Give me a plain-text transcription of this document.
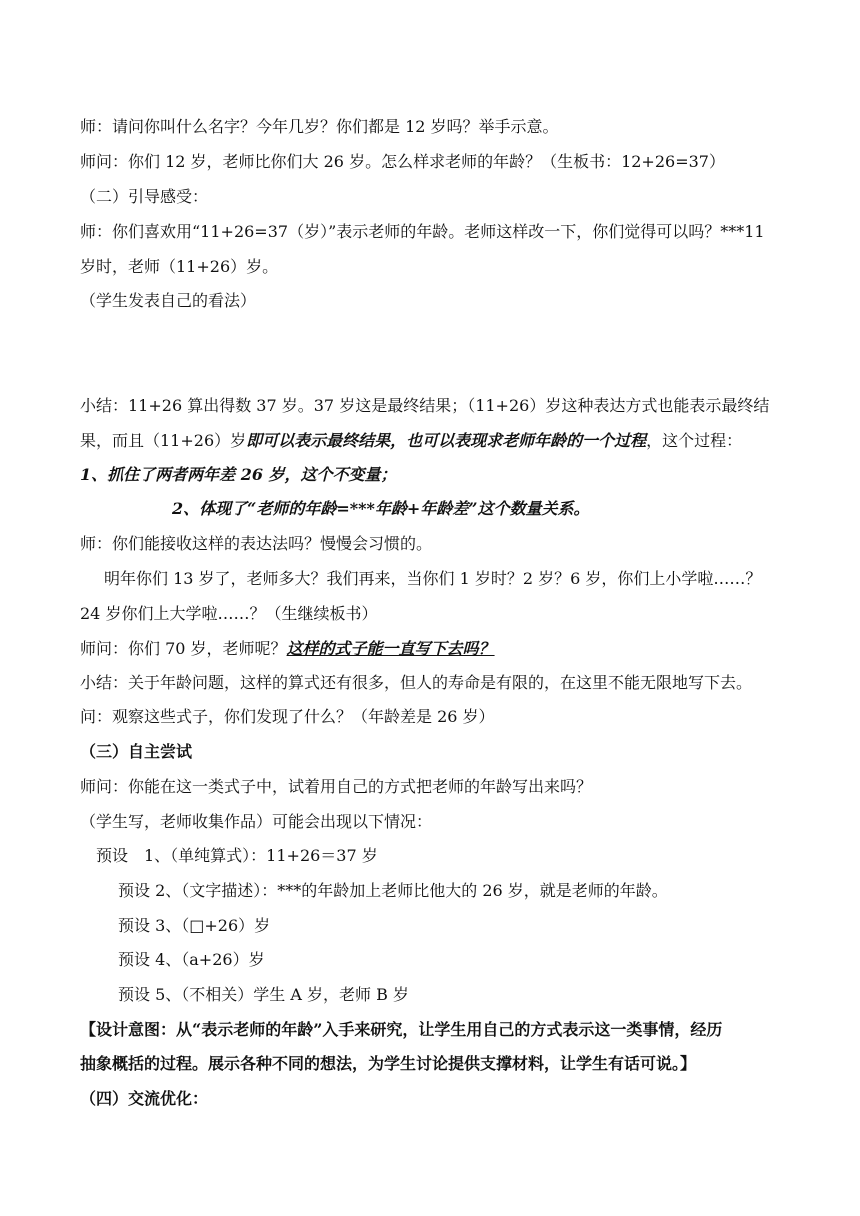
师：请问你叫什么名字？今年几岁？你们都是 12 岁吗？举手示意。
师问：你们 12 岁，老师比你们大 26 岁。怎么样求老师的年龄？（生板书：12+26=37）
（二）引导感受：
师：你们喜欢用“11+26=37（岁）”表示老师的年龄。老师这样改一下，你们觉得可以吗？***11
岁时，老师（11+26）岁。
（学生发表自己的看法）
小结：11+26 算出得数 37 岁。37 岁这是最终结果；（11+26）岁这种表达方式也能表示最终结
果，而且（11+26）岁即可以表示最终结果，也可以表现求老师年龄的一个过程，这个过程：
1、抓住了两者两年差 26 岁，这个不变量；
2、体现了“老师的年龄=***年龄+年龄差”这个数量关系。
师：你们能接收这样的表达法吗？慢慢会习惯的。
明年你们 13 岁了，老师多大？我们再来，当你们 1 岁时？2 岁？6 岁，你们上小学啦……？
24 岁你们上大学啦……？（生继续板书）
师问：你们 70 岁，老师呢？这样的式子能一直写下去吗？
小结：关于年龄问题，这样的算式还有很多，但人的寿命是有限的，在这里不能无限地写下去。
问：观察这些式子，你们发现了什么？（年龄差是 26 岁）
（三）自主尝试
师问：你能在这一类式子中，试着用自己的方式把老师的年龄写出来吗？
（学生写，老师收集作品）可能会出现以下情况：
预设　1、（单纯算式）：11+26＝37 岁
预设 2、（文字描述）：***的年龄加上老师比他大的 26 岁，就是老师的年龄。
预设 3、（□+26）岁
预设 4、（a+26）岁
预设 5、（不相关）学生 A 岁，老师 B 岁
【设计意图：从“表示老师的年龄”入手来研究，让学生用自己的方式表示这一类事情，经历
抽象概括的过程。展示各种不同的想法，为学生讨论提供支撑材料，让学生有话可说。】
（四）交流优化：
